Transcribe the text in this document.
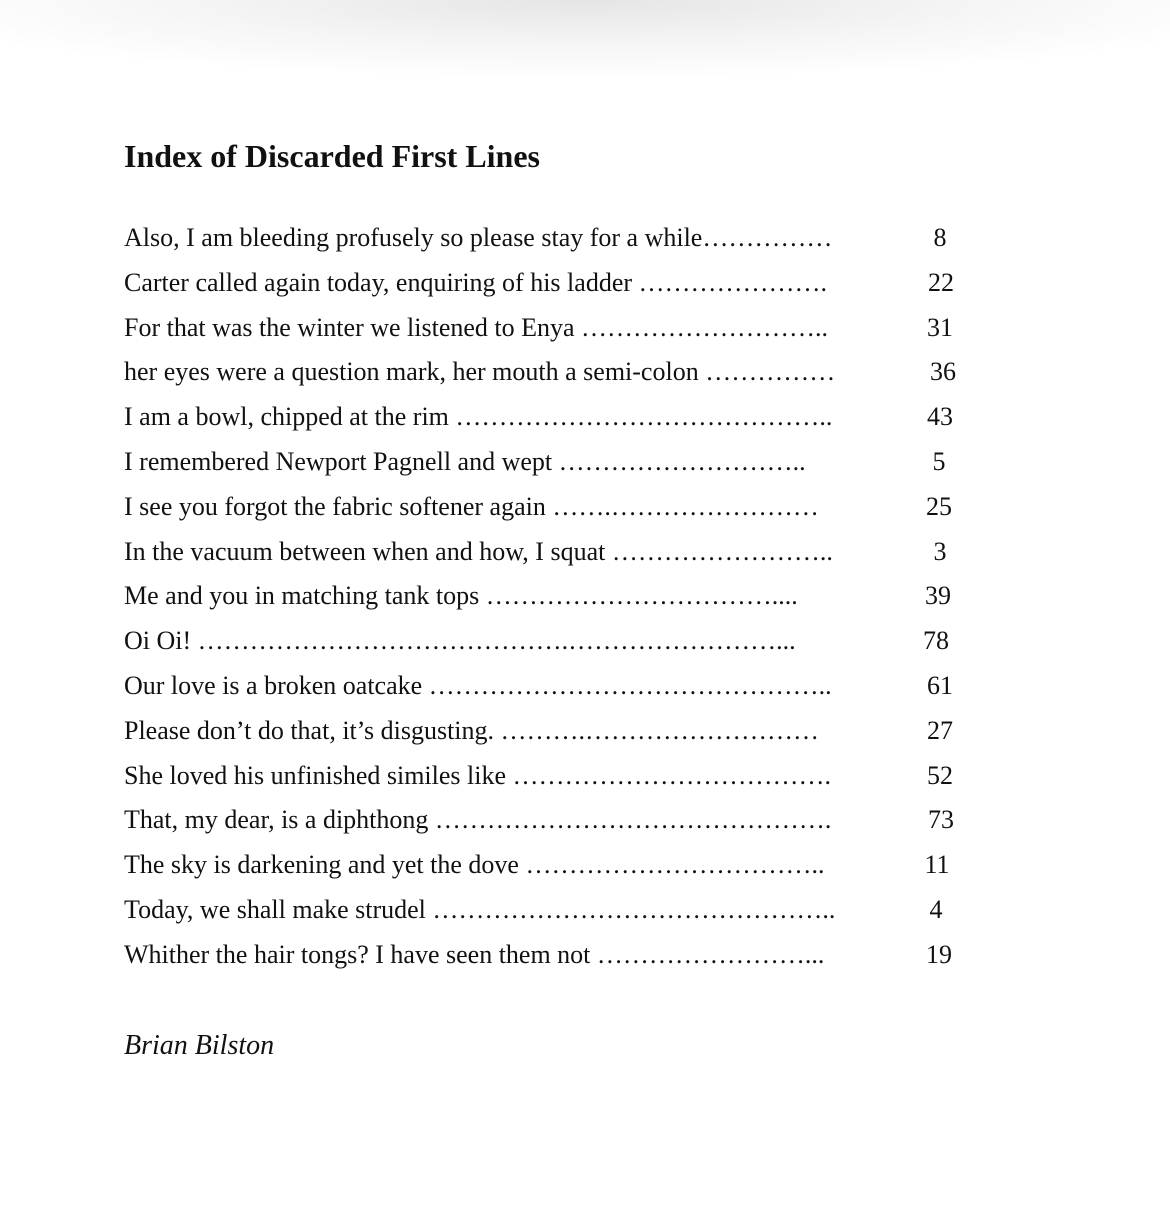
Index of Discarded First Lines
Also, I am bleeding profusely so please stay for a while……………	8
Carter called again today, enquiring of his ladder ………………….	22
For that was the winter we listened to Enya ………………………..	31
her eyes were a question mark, her mouth a semi-colon ……………	36
I am a bowl, chipped at the rim ……………………………………..	43
I remembered Newport Pagnell and wept ………………………..	5
I see you forgot the fabric softener again …….……………………	25
In the vacuum between when and how, I squat ……………………..	3
Me and you in matching tank tops ……………………………....	39
Oi Oi! …………………………………….……………………...	78
Our love is a broken oatcake ………………………………………..	61
Please don’t do that, it’s disgusting. ……….………………………	27
She loved his unfinished similes like ……………………………….	52
That, my dear, is a diphthong ……………………………………….	73
The sky is darkening and yet the dove ……………………………..	11
Today, we shall make strudel ………………………………………..	4
Whither the hair tongs? I have seen them not ……………………...	19

Brian Bilston
